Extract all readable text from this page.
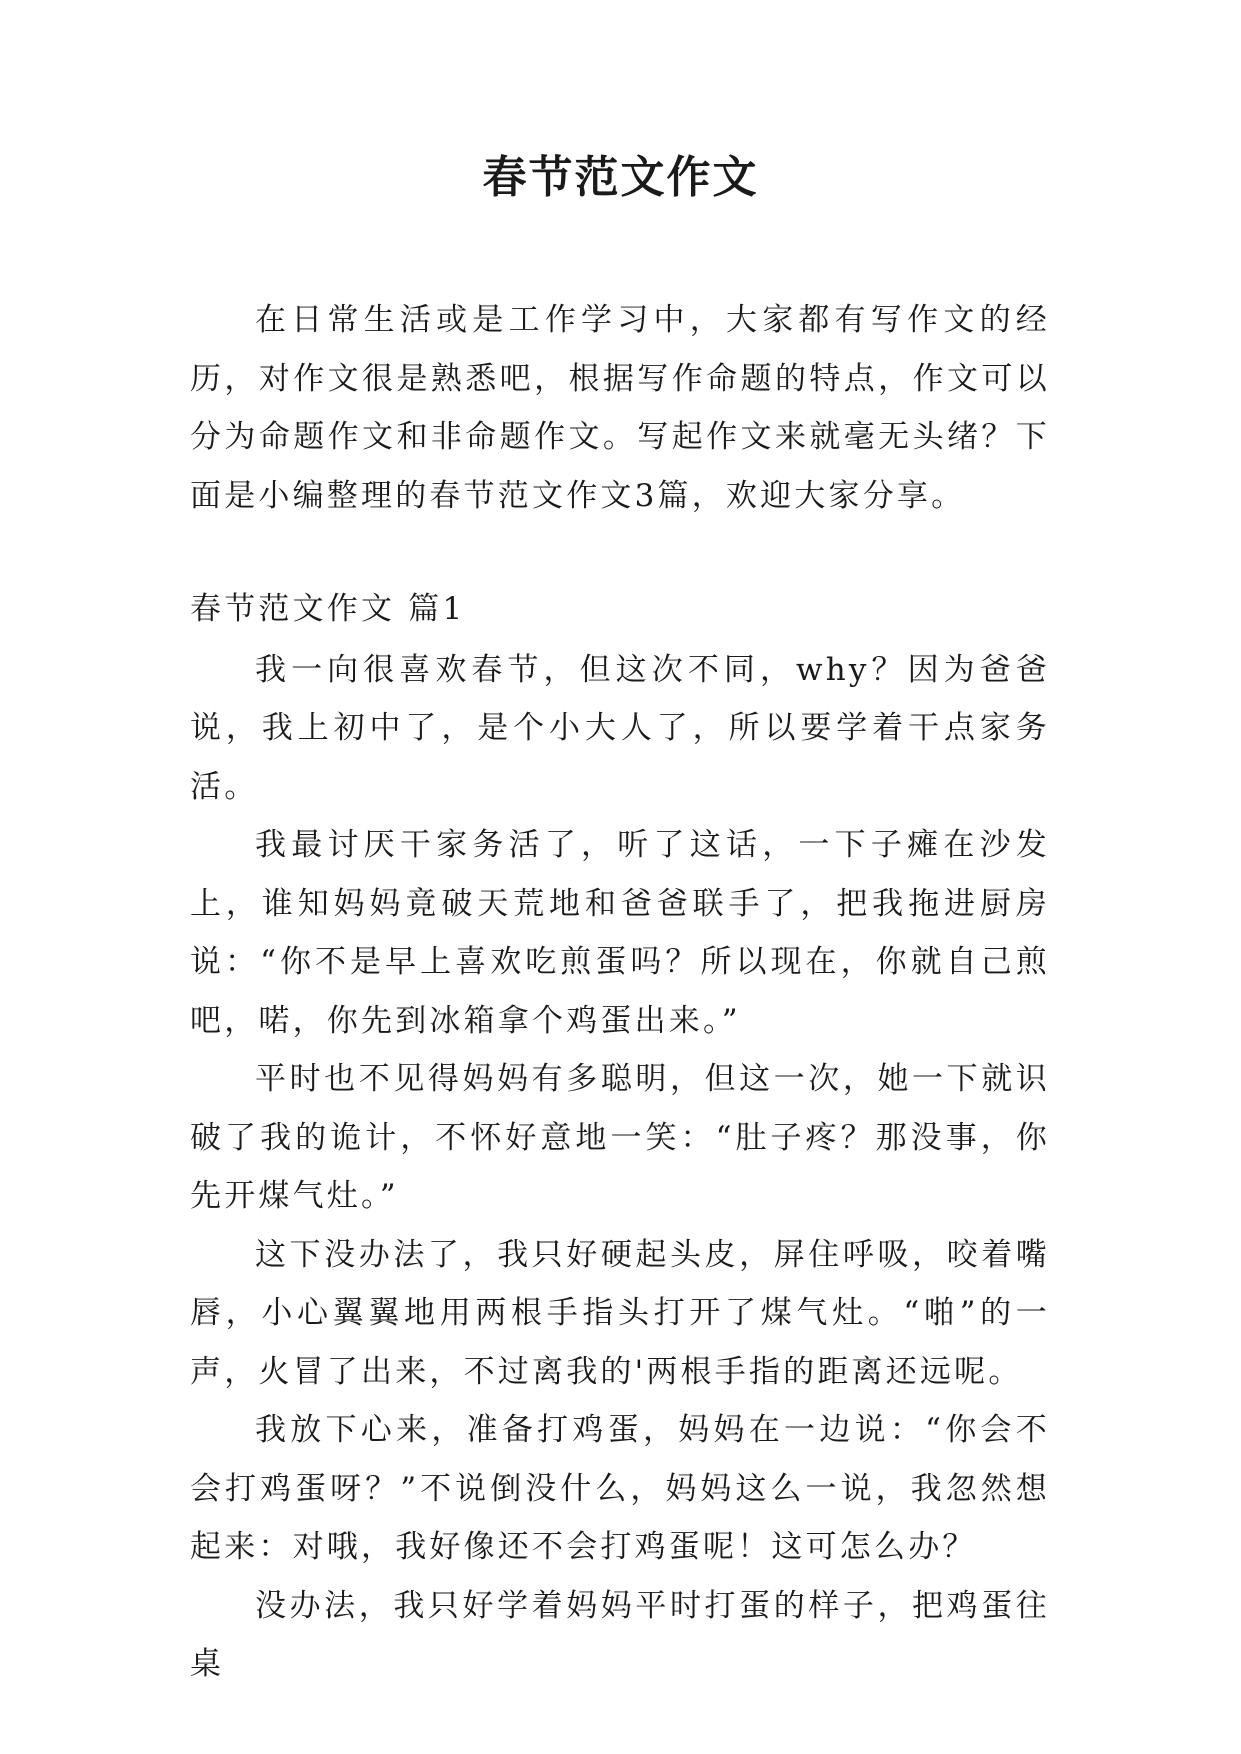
春节范文作文

在日常生活或是工作学习中，大家都有写作文的经历，对作文很是熟悉吧，根据写作命题的特点，作文可以分为命题作文和非命题作文。写起作文来就毫无头绪？下面是小编整理的春节范文作文3篇，欢迎大家分享。

春节范文作文 篇1

我一向很喜欢春节，但这次不同，why？因为爸爸说，我上初中了，是个小大人了，所以要学着干点家务活。

我最讨厌干家务活了，听了这话，一下子瘫在沙发上，谁知妈妈竟破天荒地和爸爸联手了，把我拖进厨房说：“你不是早上喜欢吃煎蛋吗？所以现在，你就自己煎吧，喏，你先到冰箱拿个鸡蛋出来。”

平时也不见得妈妈有多聪明，但这一次，她一下就识破了我的诡计，不怀好意地一笑：“肚子疼？那没事，你先开煤气灶。”

这下没办法了，我只好硬起头皮，屏住呼吸，咬着嘴唇，小心翼翼地用两根手指头打开了煤气灶。“啪”的一声，火冒了出来，不过离我的'两根手指的距离还远呢。

我放下心来，准备打鸡蛋，妈妈在一边说：“你会不会打鸡蛋呀？”不说倒没什么，妈妈这么一说，我忽然想起来：对哦，我好像还不会打鸡蛋呢！这可怎么办？

没办法，我只好学着妈妈平时打蛋的样子，把鸡蛋往桌
